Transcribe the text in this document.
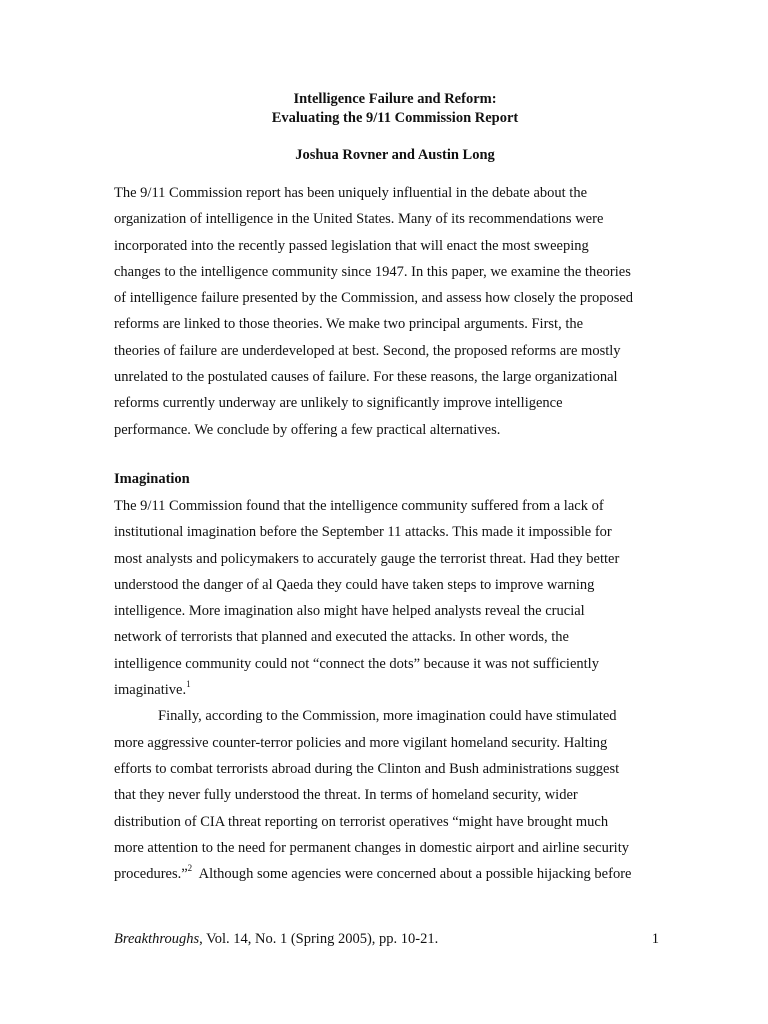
Intelligence Failure and Reform:
Evaluating the 9/11 Commission Report
Joshua Rovner and Austin Long
The 9/11 Commission report has been uniquely influential in the debate about the
organization of intelligence in the United States. Many of its recommendations were
incorporated into the recently passed legislation that will enact the most sweeping
changes to the intelligence community since 1947. In this paper, we examine the theories
of intelligence failure presented by the Commission, and assess how closely the proposed
reforms are linked to those theories. We make two principal arguments. First, the
theories of failure are underdeveloped at best. Second, the proposed reforms are mostly
unrelated to the postulated causes of failure. For these reasons, the large organizational
reforms currently underway are unlikely to significantly improve intelligence
performance. We conclude by offering a few practical alternatives.
Imagination
The 9/11 Commission found that the intelligence community suffered from a lack of
institutional imagination before the September 11 attacks. This made it impossible for
most analysts and policymakers to accurately gauge the terrorist threat. Had they better
understood the danger of al Qaeda they could have taken steps to improve warning
intelligence. More imagination also might have helped analysts reveal the crucial
network of terrorists that planned and executed the attacks. In other words, the
intelligence community could not “connect the dots” because it was not sufficiently
imaginative.$^1$
Finally, according to the Commission, more imagination could have stimulated
more aggressive counter-terror policies and more vigilant homeland security. Halting
efforts to combat terrorists abroad during the Clinton and Bush administrations suggest
that they never fully understood the threat. In terms of homeland security, wider
distribution of CIA threat reporting on terrorist operatives “might have brought much
more attention to the need for permanent changes in domestic airport and airline security
procedures.”$^2$  Although some agencies were concerned about a possible hijacking before
Breakthroughs, Vol. 14, No. 1 (Spring 2005), pp. 10-21.	1
